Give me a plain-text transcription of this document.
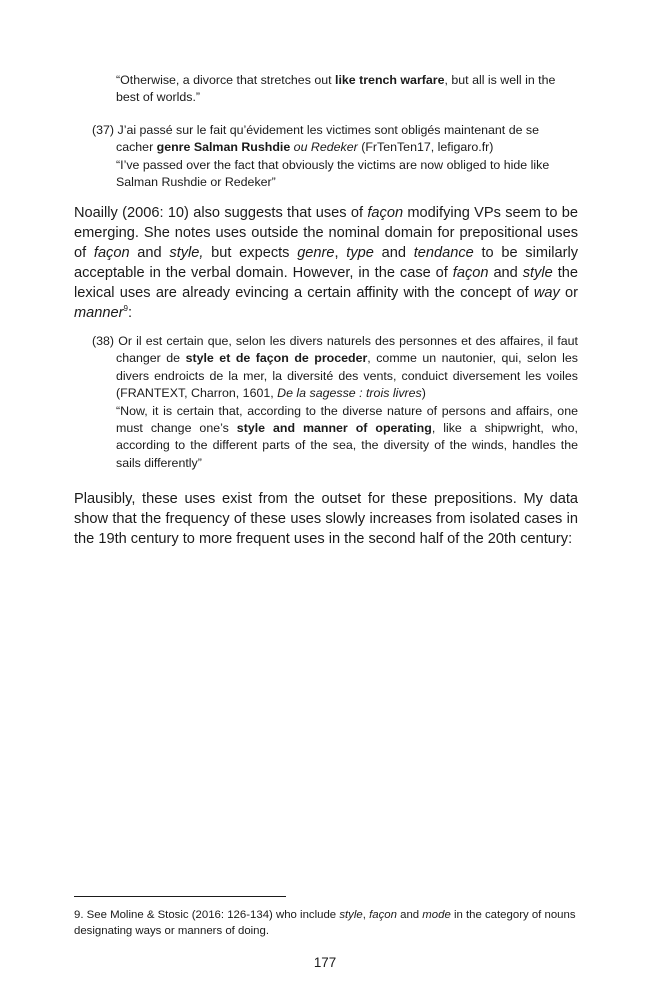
“Otherwise, a divorce that stretches out like trench warfare, but all is well in the best of worlds.”

(37) J’ai passé sur le fait qu’évidement les victimes sont obligés maintenant de se cacher genre Salman Rushdie ou Redeker (FrTenTen17, lefigaro.fr)

“I’ve passed over the fact that obviously the victims are now obliged to hide like Salman Rushdie or Redeker”

Noailly (2006: 10) also suggests that uses of façon modifying VPs seem to be emerging. She notes uses outside the nominal domain for prepositional uses of façon and style, but expects genre, type and tendance to be similarly acceptable in the verbal domain. However, in the case of façon and style the lexical uses are already evincing a certain affinity with the concept of way or manner$^9$:

(38) Or il est certain que, selon les divers naturels des personnes et des affaires, il faut changer de style et de façon de proceder, comme un nautonier, qui, selon les divers endroicts de la mer, la diversité des vents, conduict diversement les voiles (FRANTEXT, Charron, 1601, De la sagesse : trois livres)

“Now, it is certain that, according to the diverse nature of persons and affairs, one must change one’s style and manner of operating, like a shipwright, who, according to the different parts of the sea, the diversity of the winds, handles the sails differently”

Plausibly, these uses exist from the outset for these prepositions. My data show that the frequency of these uses slowly increases from isolated cases in the 19th century to more frequent uses in the second half of the 20th century:

9. See Moline & Stosic (2016: 126-134) who include style, façon and mode in the category of nouns designating ways or manners of doing.
177
